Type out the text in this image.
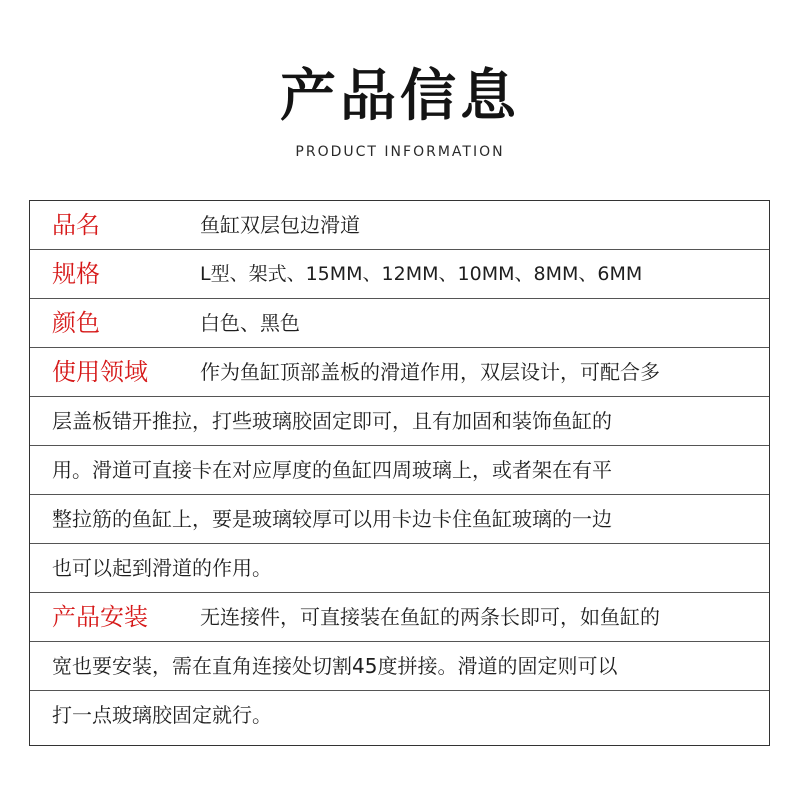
产品信息
PRODUCT INFORMATION
品名	鱼缸双层包边滑道
规格	L型、架式、15MM、12MM、10MM、8MM、6MM
颜色	白色、黑色
使用领域	作为鱼缸顶部盖板的滑道作用，双层设计，可配合多
层盖板错开推拉，打些玻璃胶固定即可，且有加固和装饰鱼缸的
用。滑道可直接卡在对应厚度的鱼缸四周玻璃上，或者架在有平
整拉筋的鱼缸上，要是玻璃较厚可以用卡边卡住鱼缸玻璃的一边
也可以起到滑道的作用。
产品安装	无连接件，可直接装在鱼缸的两条长即可，如鱼缸的
宽也要安装，需在直角连接处切割45度拼接。滑道的固定则可以
打一点玻璃胶固定就行。
